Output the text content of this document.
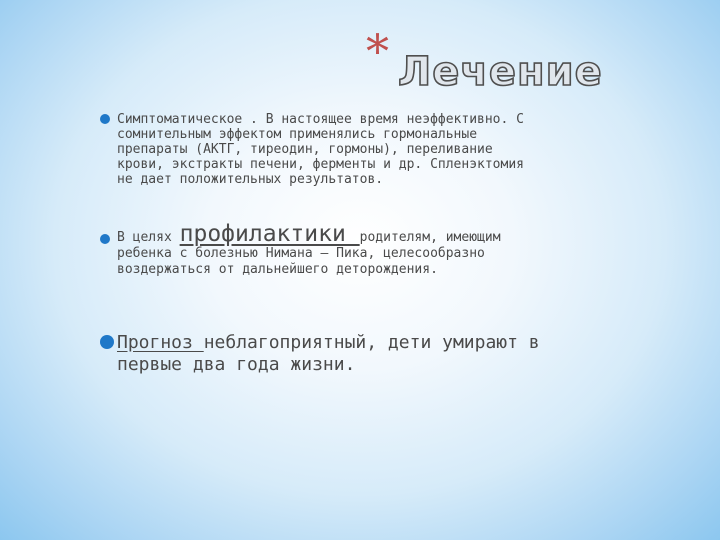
* Лечение
Симптоматическое . В настоящее время неэффективно. С
сомнительным эффектом применялись гормональные
препараты (АКТГ, тиреодин, гормоны), переливание
крови, экстракты печени, ферменты и др. Спленэктомия
не дает положительных результатов.
В целях профилактики родителям, имеющим
ребенка с болезнью Нимана — Пика, целесообразно
воздержаться от дальнейшего деторождения.
Прогноз неблагоприятный, дети умирают в
первые два года жизни.
